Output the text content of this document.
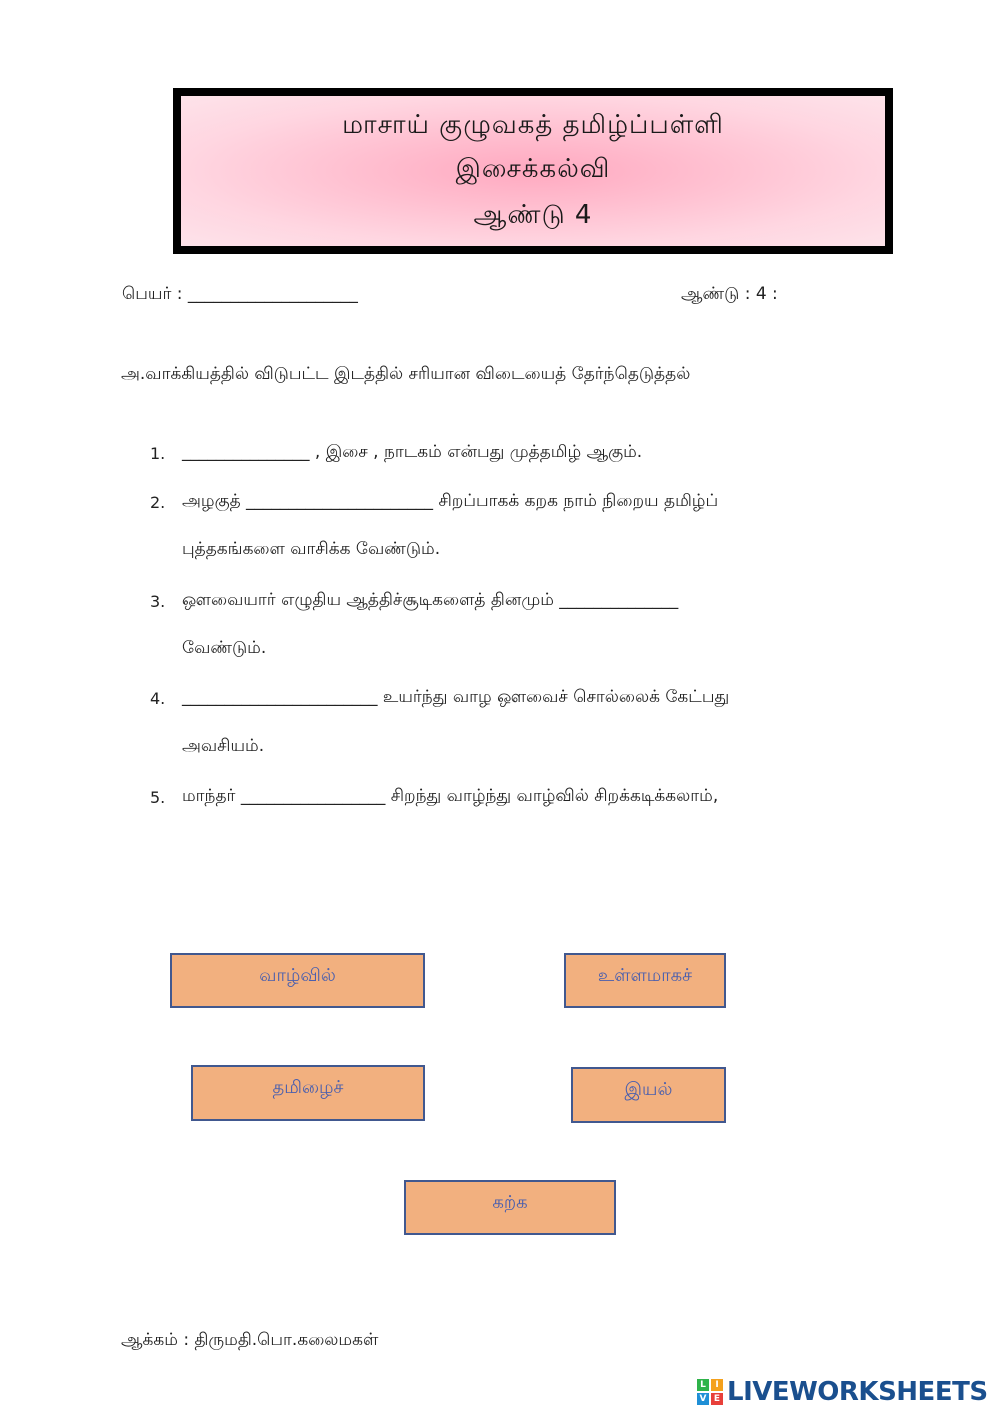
மாசாய் குழுவகத் தமிழ்ப்பள்ளி
இசைக்கல்வி
ஆண்டு 4
பெயர் : ____________________	ஆண்டு : 4 :
அ.வாக்கியத்தில் விடுபட்ட இடத்தில் சரியான விடையைத் தேர்ந்தெடுத்தல்
1. _______________ , இசை , நாடகம் என்பது முத்தமிழ் ஆகும்.
2. அழகுத் ______________________ சிறப்பாகக் கறக நாம் நிறைய தமிழ்ப்
புத்தகங்களை வாசிக்க வேண்டும்.
3. ஔவையார் எழுதிய ஆத்திச்சூடிகளைத் தினமும் ______________
வேண்டும்.
4. _______________________ உயர்ந்து வாழ ஔவைச் சொல்லைக் கேட்பது
அவசியம்.
5. மாந்தர் _________________ சிறந்து வாழ்ந்து வாழ்வில் சிறக்கடிக்கலாம்,
வாழ்வில்	உள்ளமாகச்
தமிழைச்	இயல்
கற்க
ஆக்கம் : திருமதி.பொ.கலைமகள்
L	I
V E LIVEWORKSHEETS
